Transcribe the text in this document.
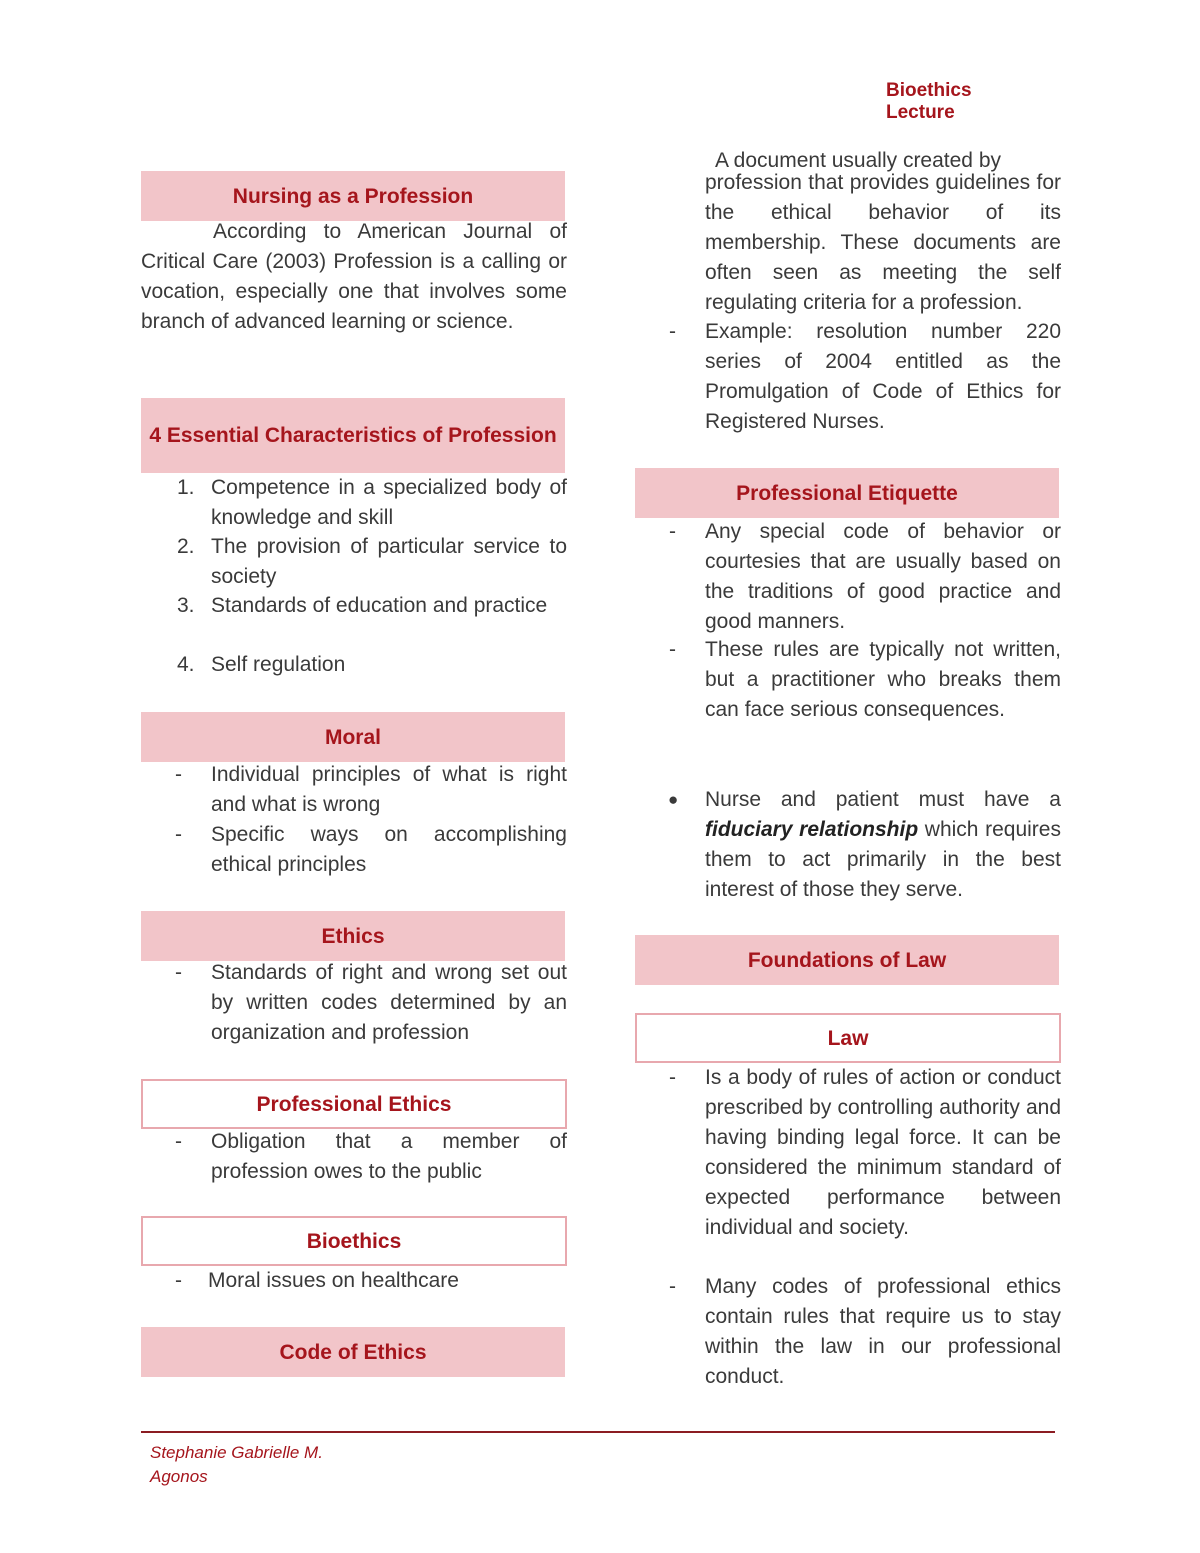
Bioethics
Lecture
Nursing as a Profession
According to American Journal of Critical Care (2003) Profession is a calling or vocation, especially one that involves some branch of advanced learning or science.
4 Essential Characteristics of Profession
1. Competence in a specialized body of knowledge and skill
2. The provision of particular service to society
3. Standards of education and practice
4. Self regulation
Moral
- Individual principles of what is right and what is wrong
- Specific ways on accomplishing ethical principles
Ethics
- Standards of right and wrong set out by written codes determined by an organization and profession
Professional Ethics
- Obligation that a member of profession owes to the public
Bioethics
- Moral issues on healthcare
Code of Ethics
A document usually created by
profession that provides guidelines for the ethical behavior of its membership. These documents are often seen as meeting the self regulating criteria for a profession.
- Example: resolution number 220 series of 2004 entitled as the Promulgation of Code of Ethics for Registered Nurses.
Professional Etiquette
- Any special code of behavior or courtesies that are usually based on the traditions of good practice and good manners.
- These rules are typically not written, but a practitioner who breaks them can face serious consequences.
● Nurse and patient must have a fiduciary relationship which requires them to act primarily in the best interest of those they serve.
Foundations of Law
Law
- Is a body of rules of action or conduct prescribed by controlling authority and having binding legal force. It can be considered the minimum standard of expected performance between individual and society.
- Many codes of professional ethics contain rules that require us to stay within the law in our professional conduct.
Stephanie Gabrielle M. Agonos
